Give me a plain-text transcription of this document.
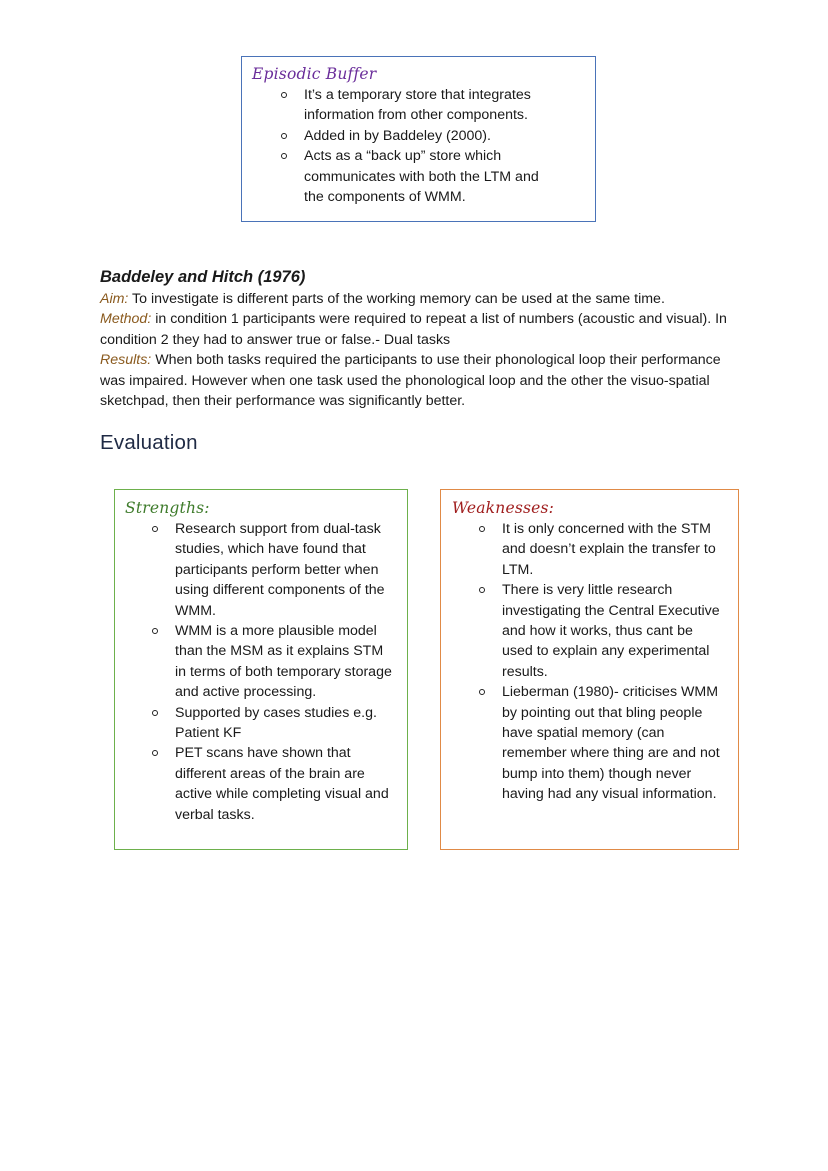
Episodic Buffer
It’s a temporary store that integrates information from other components.
Added in by Baddeley (2000).
Acts as a “back up” store which communicates with both the LTM and the components of WMM.
Baddeley and Hitch (1976)

Aim: To investigate is different parts of the working memory can be used at the same time.

Method: in condition 1 participants were required to repeat a list of numbers (acoustic and visual). In condition 2 they had to answer true or false.- Dual tasks

Results: When both tasks required the participants to use their phonological loop their performance was impaired. However when one task used the phonological loop and the other the visuo-spatial sketchpad, then their performance was significantly better.

Evaluation
Strengths:
Research support from dual-task studies, which have found that participants perform better when using different components of the WMM.
WMM is a more plausible model than the MSM as it explains STM in terms of both temporary storage and active processing.
Supported by cases studies e.g. Patient KF
PET scans have shown that different areas of the brain are active while completing visual and verbal tasks.
Weaknesses:
It is only concerned with the STM and doesn’t explain the transfer to LTM.
There is very little research investigating the Central Executive and how it works, thus cant be used to explain any experimental results.
Lieberman (1980)- criticises WMM by pointing out that bling people have spatial memory (can remember where thing are and not bump into them) though never having had any visual information.
